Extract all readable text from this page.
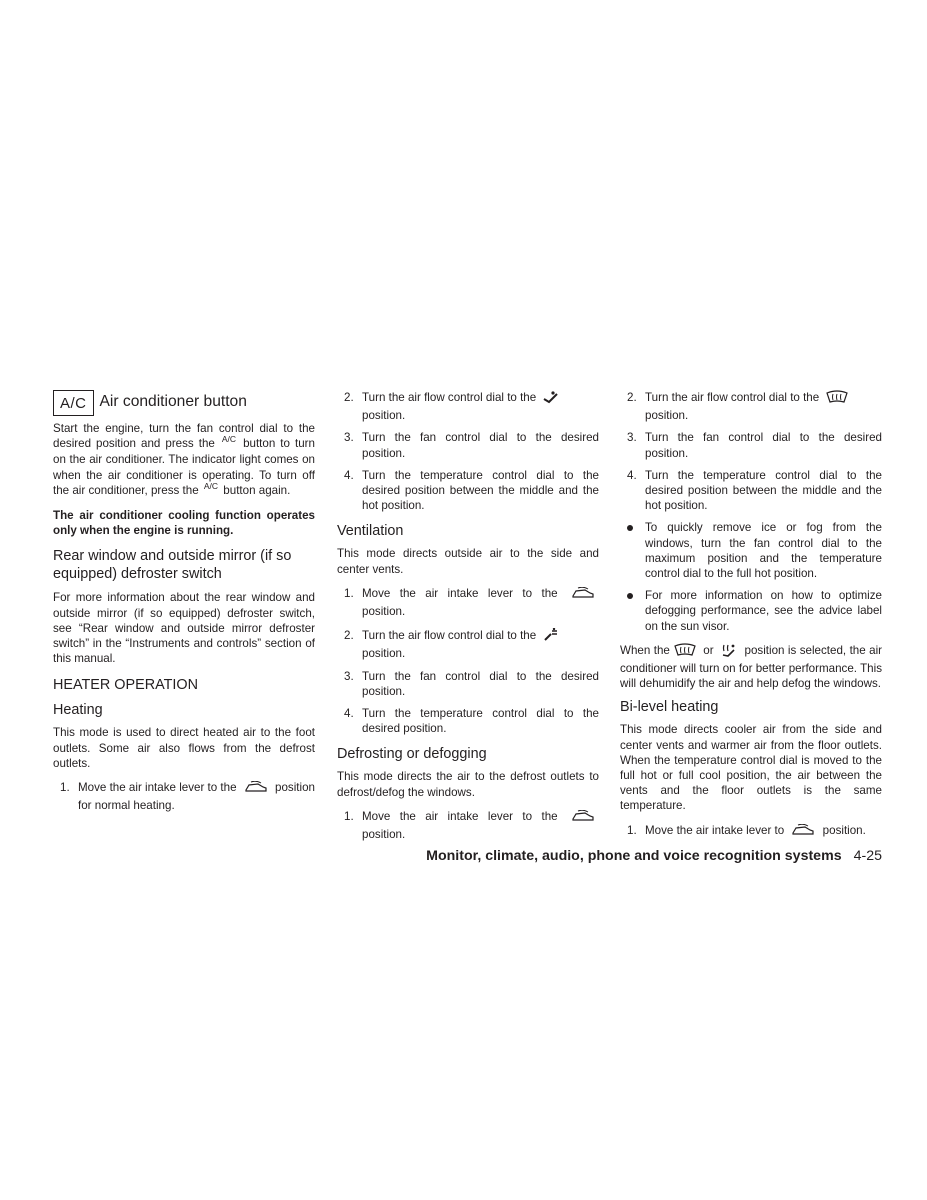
A/C Air conditioner button

Start the engine, turn the fan control dial to the desired position and press the $^{A/C}$ button to turn on the air conditioner. The indicator light comes on when the air conditioner is operating. To turn off the air conditioner, press the $^{A/C}$ button again.

The air conditioner cooling function operates only when the engine is running.

Rear window and outside mirror (if so equipped) defroster switch

For more information about the rear window and outside mirror (if so equipped) defroster switch, see “Rear window and outside mirror defroster switch” in the “Instruments and controls” section of this manual.

HEATER OPERATION
Heating

This mode is used to direct heated air to the foot outlets. Some air also flows from the defrost outlets.

1. Move the air intake lever to the	position for normal heating.
2. Turn the air flow control dial to the
position.
3. Turn the fan control dial to the desired position.
4. Turn the temperature control dial to the desired position between the middle and the hot position.
Ventilation

This mode directs outside air to the side and center vents.

1. Move the air intake lever to the  position.
2. Turn the air flow control dial to the
position.
3. Turn the fan control dial to the desired position.
4. Turn the temperature control dial to the desired position.
Defrosting or defogging

This mode directs the air to the defrost outlets to defrost/defog the windows.

1. Move the air intake lever to the  position.
2. Turn the air flow control dial to the
position.
3. Turn the fan control dial to the desired position.
4. Turn the temperature control dial to the desired position between the middle and the hot position.
To quickly remove ice or fog from the windows, turn the fan control dial to the maximum position and the temperature control dial to the full hot position.
For more information on how to optimize defogging performance, see the advice label on the sun visor.

When the	or	position is selected, the air conditioner will turn on for better performance. This will dehumidify the air and help defog the windows.

Bi-level heating

This mode directs cooler air from the side and center vents and warmer air from the floor outlets. When the temperature control dial is moved to the full hot or full cool position, the air between the vents and the floor outlets is the same temperature.

1. Move the air intake lever to	position.
Monitor, climate, audio, phone and voice recognition systems 4-25
